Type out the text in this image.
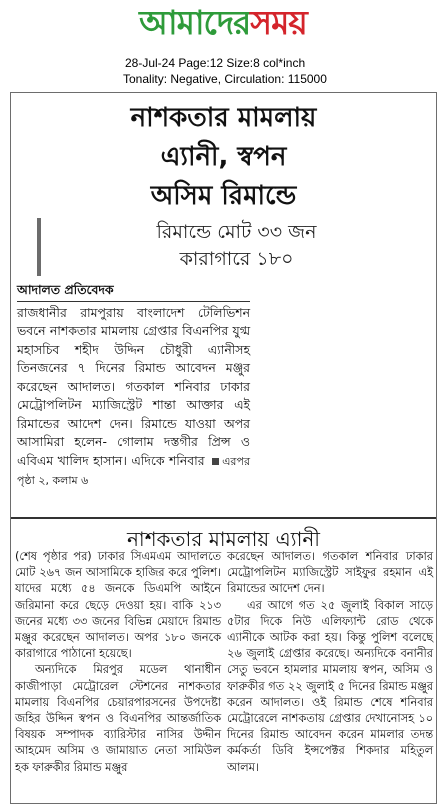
আমাদেরসময়
28-Jul-24 Page:12 Size:8 col*inch
Tonality: Negative, Circulation: 115000

নাশকতার মামলায়

এ্যানী, স্বপন

অসিম রিমান্ডে

রিমান্ডে মোট ৩৩ জন
কারাগারে ১৮০
আদালত প্রতিবেদক
রাজধানীর রামপুরায় বাংলাদেশ টেলিভিশন ভবনে নাশকতার মামলায় গ্রেপ্তার বিএনপির যুগ্ম মহাসচিব শহীদ উদ্দিন চৌধুরী এ্যানীসহ তিনজনের ৭ দিনের রিমান্ড আবেদন মঞ্জুর করেছেন আদালত। গতকাল শনিবার ঢাকার মেট্রোপলিটন ম্যাজিস্ট্রেট শান্তা আক্তার এই রিমান্ডের আদেশ দেন। রিমান্ডে যাওয়া অপর আসামিরা হলেন- গোলাম দস্তগীর প্রিন্স ও এবিএম খালিদ হাসান। এদিকে শনিবার এরপর পৃষ্ঠা ২, কলাম ৬
নাশকতার মামলায় এ্যানী

(শেষ পৃষ্ঠার পর) ঢাকার সিএমএম আদালতে মোট ২৬৭ জন আসামিকে হাজির করে পুলিশ। যাদের মধ্যে ৫৪ জনকে ডিএমপি আইনে জরিমানা করে ছেড়ে দেওয়া হয়। বাকি ২১৩ জনের মধ্যে ৩৩ জনের বিভিন্ন মেয়াদে রিমান্ড মঞ্জুর করেছেন আদালত। অপর ১৮০ জনকে কারাগারে পাঠানো হয়েছে।

অন্যদিকে মিরপুর মডেল থানাধীন কাজীপাড়া মেট্রোরেল স্টেশনের নাশকতার মামলায় বিএনপির চেয়ারপারসনের উপদেষ্টা জহির উদ্দিন স্বপন ও বিএনপির আন্তর্জাতিক বিষয়ক সম্পাদক ব্যারিস্টার নাসির উদ্দীন আহমেদ অসিম ও জামায়াত নেতা সামিউল হক ফারুকীর রিমান্ড মঞ্জুর

করেছেন আদালত। গতকাল শনিবার ঢাকার মেট্রোপলিটন ম্যাজিস্ট্রেট সাইফুর রহমান এই রিমান্ডের আদেশ দেন।

এর আগে গত ২৫ জুলাই বিকাল সাড়ে ৫টার দিকে নিউ এলিফ্যান্ট রোড থেকে এ্যানীকে আটক করা হয়। কিন্তু পুলিশ বলেছে ২৬ জুলাই গ্রেপ্তার করেছে। অন্যদিকে বনানীর সেতু ভবনে হামলার মামলায় স্বপন, অসিম ও ফারুকীর গত ২২ জুলাই ৫ দিনের রিমান্ড মঞ্জুর করেন আদালত। ওই রিমান্ড শেষে শনিবার মেট্রোরেলে নাশকতায় গ্রেপ্তার দেখানোসহ ১০ দিনের রিমান্ড আবেদন করেন মামলার তদন্ত কর্মকর্তা ডিবি ইন্সপেক্টর শিকদার মহিতুল আলম।
